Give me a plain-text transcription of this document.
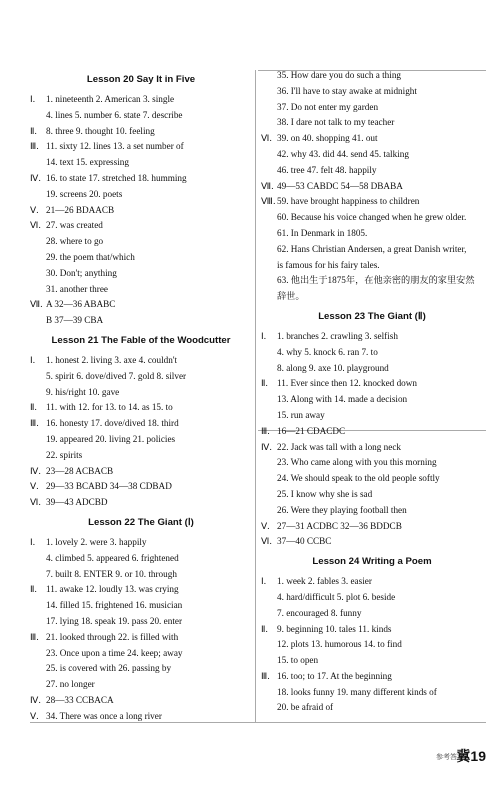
Lesson 20 Say It in Five
Ⅰ. 1. nineteenth 2. American 3. single
4. lines 5. number 6. state 7. describe
Ⅱ. 8. three 9. thought 10. feeling
Ⅲ. 11. sixty 12. lines 13. a set number of
14. text 15. expressing
Ⅳ. 16. to state 17. stretched 18. humming
19. screens 20. poets
Ⅴ. 21—26 BDAACB
Ⅵ. 27. was created
28. where to go
29. the poem that/which
30. Don't; anything
31. another three
Ⅶ. A 32—36 ABABC
B 37—39 CBA
Lesson 21 The Fable of the Woodcutter
Ⅰ. 1. honest 2. living 3. axe 4. couldn't
5. spirit 6. dove/dived 7. gold 8. silver
9. his/right 10. gave
Ⅱ. 11. with 12. for 13. to 14. as 15. to
Ⅲ. 16. honesty 17. dove/dived 18. third
19. appeared 20. living 21. policies
22. spirits
Ⅳ. 23—28 ACBACB
Ⅴ. 29—33 BCABD 34—38 CDBAD
Ⅵ. 39—43 ADCBD
Lesson 22 The Giant (Ⅰ)
Ⅰ. 1. lovely 2. were 3. happily
4. climbed 5. appeared 6. frightened
7. built 8. ENTER 9. or 10. through
Ⅱ. 11. awake 12. loudly 13. was crying
14. filled 15. frightened 16. musician
17. lying 18. speak 19. pass 20. enter
Ⅲ. 21. looked through 22. is filled with
23. Once upon a time 24. keep; away
25. is covered with 26. passing by
27. no longer
Ⅳ. 28—33 CCBACA
Ⅴ. 34. There was once a long river
35. How dare you do such a thing
36. I'll have to stay awake at midnight
37. Do not enter my garden
38. I dare not talk to my teacher
Ⅵ. 39. on 40. shopping 41. out
42. why 43. did 44. send 45. talking
46. tree 47. felt 48. happily
Ⅶ. 49—53 CABDC 54—58 DBABA
Ⅷ. 59. have brought happiness to children
60. Because his voice changed when he grew older.
61. In Denmark in 1805.
62. Hans Christian Andersen, a great Danish writer,
is famous for his fairy tales.
63. 他出生于1875年，在他亲密的朋友的家里安然
辞世。
Lesson 23 The Giant (Ⅱ)
Ⅰ. 1. branches 2. crawling 3. selfish
4. why 5. knock 6. ran 7. to
8. along 9. axe 10. playground
Ⅱ. 11. Ever since then 12. knocked down
13. Along with 14. made a decision
15. run away
Ⅲ. 16—21 CDACDC
Ⅳ. 22. Jack was tall with a long neck
23. Who came along with you this morning
24. We should speak to the old people softly
25. I know why she is sad
26. Were they playing football then
Ⅴ. 27—31 ACDBC 32—36 BDDCB
Ⅵ. 37—40 CCBC
Lesson 24 Writing a Poem
Ⅰ. 1. week 2. fables 3. easier
4. hard/difficult 5. plot 6. beside
7. encouraged 8. funny
Ⅱ. 9. beginning 10. tales 11. kinds
12. plots 13. humorous 14. to find
15. to open
Ⅲ. 16. too; to 17. At the beginning
18. looks funny 19. many different kinds of
20. be afraid of
参考答案
冀19
